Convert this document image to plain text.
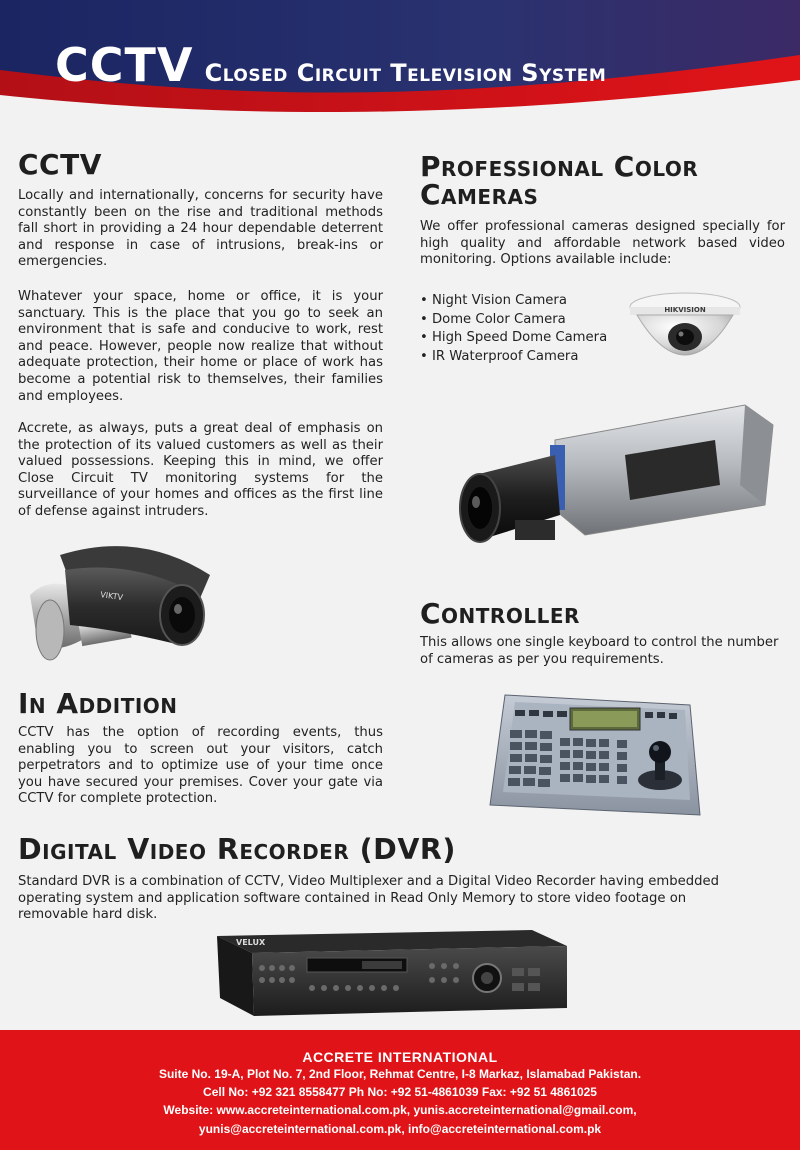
CCTV Closed Circuit Television System
CCTV

Locally and internationally, concerns for security have constantly been on the rise and traditional methods fall short in providing a 24 hour dependable deterrent and response in case of intrusions, break-ins or emergencies.

Whatever your space, home or office, it is your sanctuary. This is the place that you go to seek an environment that is safe and conducive to work, rest and peace. However, people now realize that without adequate protection, their home or place of work has become a potential risk to themselves, their families and employees.

Accrete, as always, puts a great deal of emphasis on the protection of its valued customers as well as their valued possessions. Keeping this in mind, we offer Close Circuit TV monitoring systems for the surveillance of your homes and offices as the first line of defense against intruders.

VIKTV
In Addition

CCTV has the option of recording events, thus enabling you to screen out your visitors, catch perpetrators and to optimize use of your time once you have secured your premises. Cover your gate via CCTV for complete protection.

Professional Color
Cameras

We offer professional cameras designed specially for high quality and affordable network based video monitoring. Options available include:

• Night Vision Camera
• Dome Color Camera
• High Speed Dome Camera
• IR Waterproof Camera
HIKVISION
Controller

This allows one single keyboard to control the number of cameras as per you requirements.

Digital Video Recorder (DVR)

Standard DVR is a combination of CCTV, Video Multiplexer and a Digital Video Recorder having embedded operating system and application software contained in Read Only Memory to store video footage on removable hard disk.

VELUX
ACCRETE INTERNATIONAL
Suite No. 19-A, Plot No. 7, 2nd Floor, Rehmat Centre, I-8 Markaz, Islamabad Pakistan.
Cell No: +92 321 8558477 Ph No: +92 51-4861039 Fax: +92 51 4861025
Website: www.accreteinternational.com.pk, yunis.accreteinternational@gmail.com,
yunis@accreteinternational.com.pk, info@accreteinternational.com.pk
